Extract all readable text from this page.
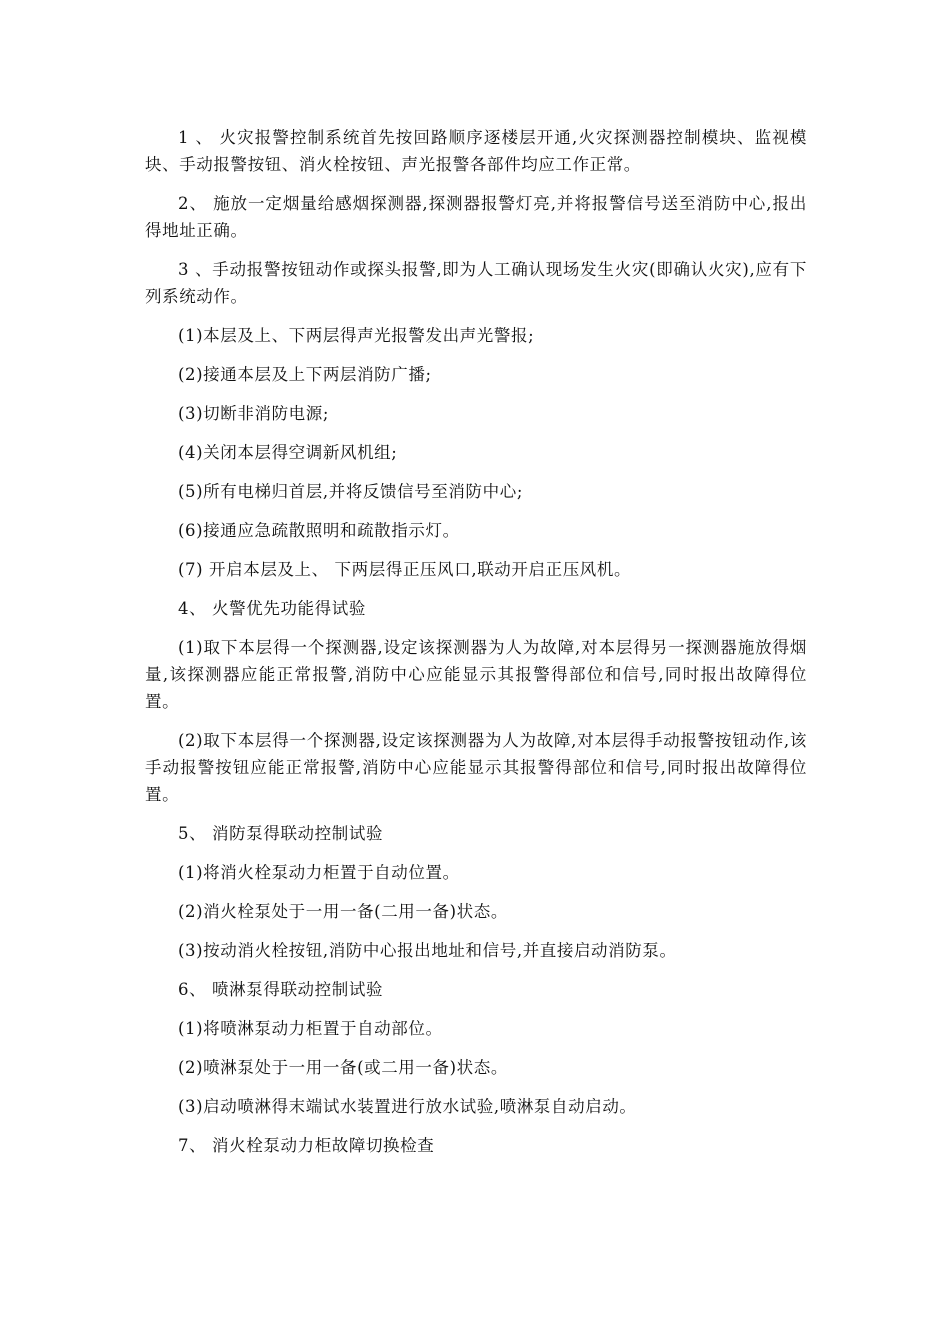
1 、 火灾报警控制系统首先按回路顺序逐楼层开通,火灾探测器控制模块、监视模块、手动报警按钮、消火栓按钮、声光报警各部件均应工作正常。

2、 施放一定烟量给感烟探测器,探测器报警灯亮,并将报警信号送至消防中心,报出得地址正确。

3 、手动报警按钮动作或探头报警,即为人工确认现场发生火灾(即确认火灾),应有下列系统动作。

(1)本层及上、下两层得声光报警发出声光警报;

(2)接通本层及上下两层消防广播;

(3)切断非消防电源;

(4)关闭本层得空调新风机组;

(5)所有电梯归首层,并将反馈信号至消防中心;

(6)接通应急疏散照明和疏散指示灯。

(7) 开启本层及上、 下两层得正压风口,联动开启正压风机。

4、 火警优先功能得试验

(1)取下本层得一个探测器,设定该探测器为人为故障,对本层得另一探测器施放得烟量,该探测器应能正常报警,消防中心应能显示其报警得部位和信号,同时报出故障得位置。

(2)取下本层得一个探测器,设定该探测器为人为故障,对本层得手动报警按钮动作,该手动报警按钮应能正常报警,消防中心应能显示其报警得部位和信号,同时报出故障得位置。

5、 消防泵得联动控制试验

(1)将消火栓泵动力柜置于自动位置。

(2)消火栓泵处于一用一备(二用一备)状态。

(3)按动消火栓按钮,消防中心报出地址和信号,并直接启动消防泵。

6、 喷淋泵得联动控制试验

(1)将喷淋泵动力柜置于自动部位。

(2)喷淋泵处于一用一备(或二用一备)状态。

(3)启动喷淋得末端试水装置进行放水试验,喷淋泵自动启动。

7、 消火栓泵动力柜故障切换检查
